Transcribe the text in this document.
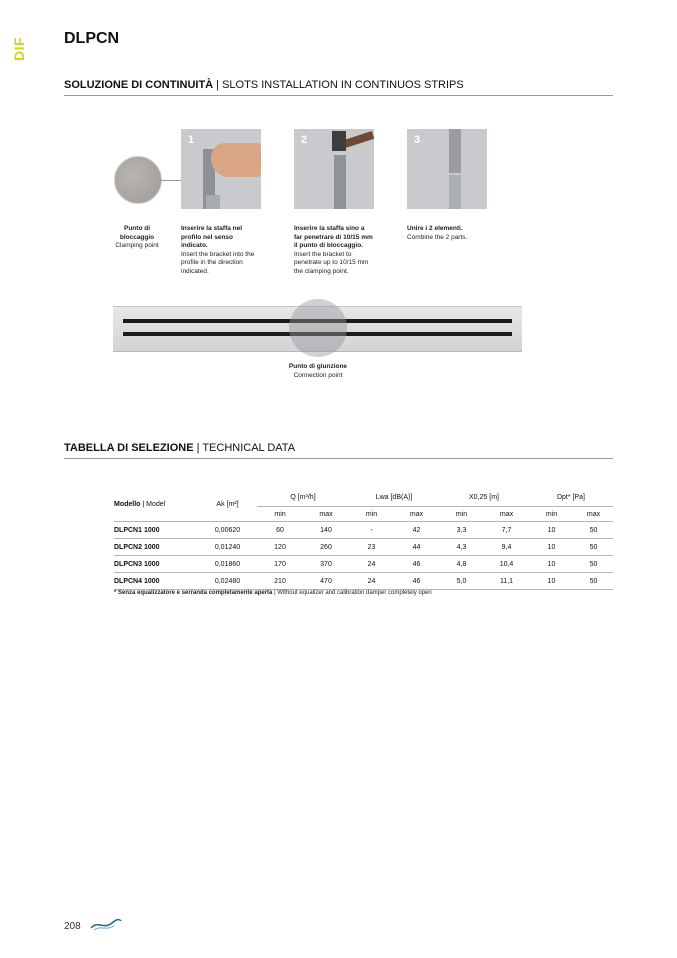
DIF DLPCN
SOLUZIONE DI CONTINUITÀ | SLOTS INSTALLATION IN CONTINUOS STRIPS
1	2	3
Punto di bloccaggio
Clamping point
Inserire la staffa nel profilo nel senso indicato.
Insert the bracket into the profile in the direction indicated.
Inserire la staffa sino a far penetrare di 10/15 mm il punto di bloccaggio.
Insert the bracket to penetrate up to 10/15 mm the clamping point.
Unire i 2 elementi.
Combine the 2 parts.
Punto di giunzione
Connection point
TABELLA DI SELEZIONE | TECHNICAL DATA
Modello | Model	Ak [m²]	Q [m³/h]		Lwa [dB(A)]		X0,25 [m]		Dpt* [Pa]	
		min	max	min	max	min	max	min	max
DLPCN1 1000	0,00620	60	140	-	42	3,3	7,7	10	50
DLPCN2 1000	0,01240	120	260	23	44	4,3	9,4	10	50
DLPCN3 1000	0,01860	170	370	24	46	4,8	10,4	10	50
DLPCN4 1000	0,02480	210	470	24	46	5,0	11,1	10	50
* Senza equalizzatore e serranda completamente aperta | Without equalizer and calibration damper completely open
208
